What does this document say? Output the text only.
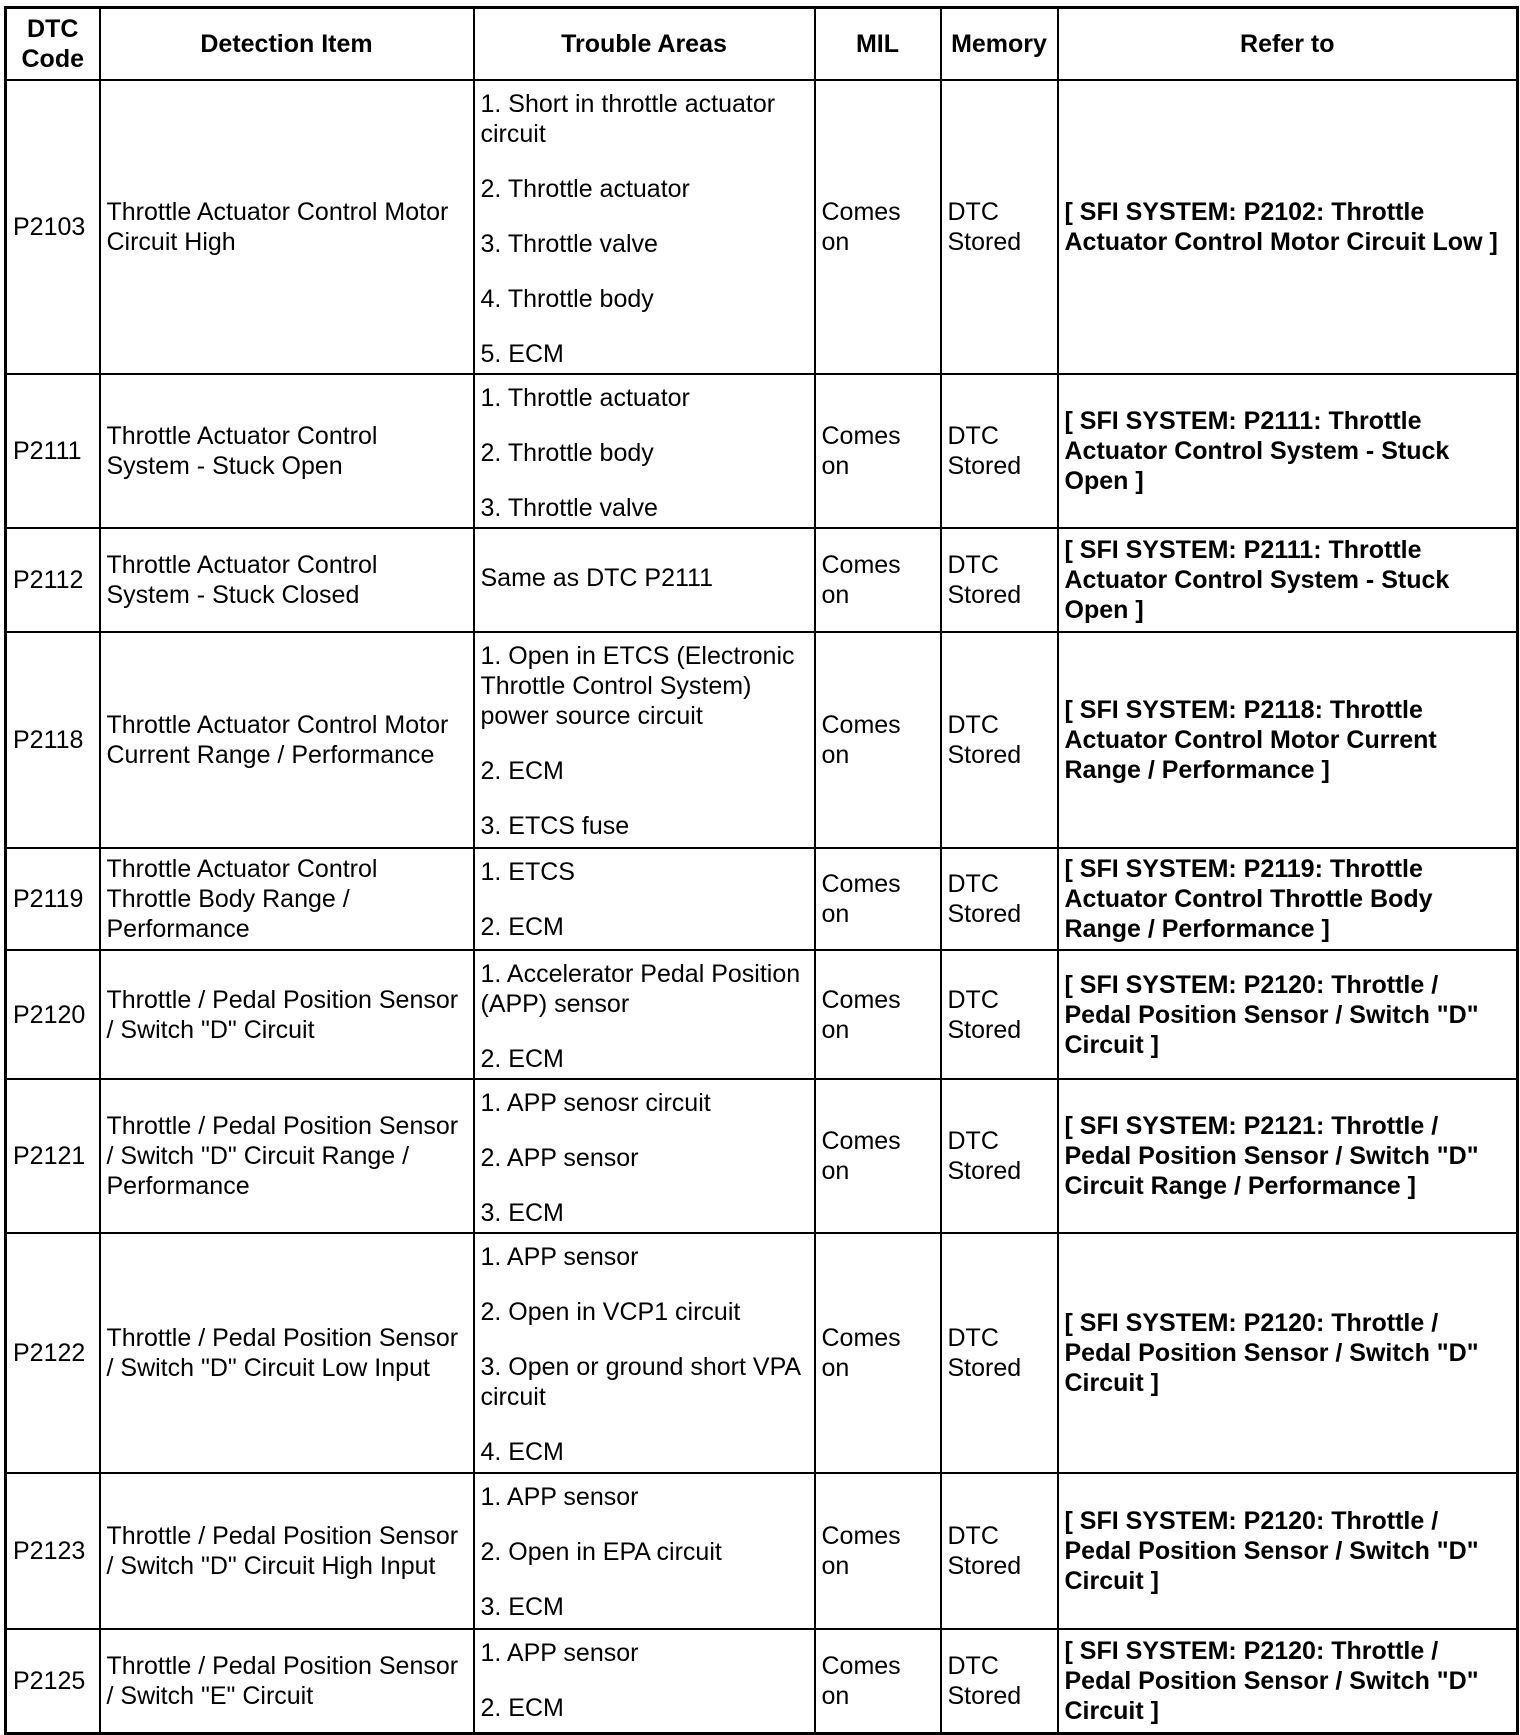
DTC
Code	Detection Item	Trouble Areas	MIL	Memory	Refer to
P2103	Throttle Actuator Control Motor Circuit High	1. Short in throttle actuator circuit

2. Throttle actuator

3. Throttle valve

4. Throttle body

5. ECM	Comes on	DTC Stored	[ SFI SYSTEM: P2102: Throttle Actuator Control Motor Circuit Low ]
P2111	Throttle Actuator Control System - Stuck Open	1. Throttle actuator

2. Throttle body

3. Throttle valve	Comes on	DTC Stored	[ SFI SYSTEM: P2111: Throttle Actuator Control System - Stuck Open ]
P2112	Throttle Actuator Control System - Stuck Closed	Same as DTC P2111	Comes on	DTC Stored	[ SFI SYSTEM: P2111: Throttle Actuator Control System - Stuck Open ]
P2118	Throttle Actuator Control Motor Current Range / Performance	1. Open in ETCS (Electronic Throttle Control System) power source circuit

2. ECM

3. ETCS fuse	Comes on	DTC Stored	[ SFI SYSTEM: P2118: Throttle Actuator Control Motor Current Range / Performance ]
P2119	Throttle Actuator Control Throttle Body Range / Performance	1. ETCS

2. ECM	Comes on	DTC Stored	[ SFI SYSTEM: P2119: Throttle Actuator Control Throttle Body Range / Performance ]
P2120	Throttle / Pedal Position Sensor / Switch "D" Circuit	1. Accelerator Pedal Position (APP) sensor

2. ECM	Comes on	DTC Stored	[ SFI SYSTEM: P2120: Throttle / Pedal Position Sensor / Switch "D" Circuit ]
P2121	Throttle / Pedal Position Sensor / Switch "D" Circuit Range / Performance	1. APP senosr circuit

2. APP sensor

3. ECM	Comes on	DTC Stored	[ SFI SYSTEM: P2121: Throttle / Pedal Position Sensor / Switch "D" Circuit Range / Performance ]
P2122	Throttle / Pedal Position Sensor / Switch "D" Circuit Low Input	1. APP sensor

2. Open in VCP1 circuit

3. Open or ground short VPA circuit

4. ECM	Comes on	DTC Stored	[ SFI SYSTEM: P2120: Throttle / Pedal Position Sensor / Switch "D" Circuit ]
P2123	Throttle / Pedal Position Sensor / Switch "D" Circuit High Input	1. APP sensor

2. Open in EPA circuit

3. ECM	Comes on	DTC Stored	[ SFI SYSTEM: P2120: Throttle / Pedal Position Sensor / Switch "D" Circuit ]
P2125	Throttle / Pedal Position Sensor / Switch "E" Circuit	1. APP sensor

2. ECM	Comes on	DTC Stored	[ SFI SYSTEM: P2120: Throttle / Pedal Position Sensor / Switch "D" Circuit ]
